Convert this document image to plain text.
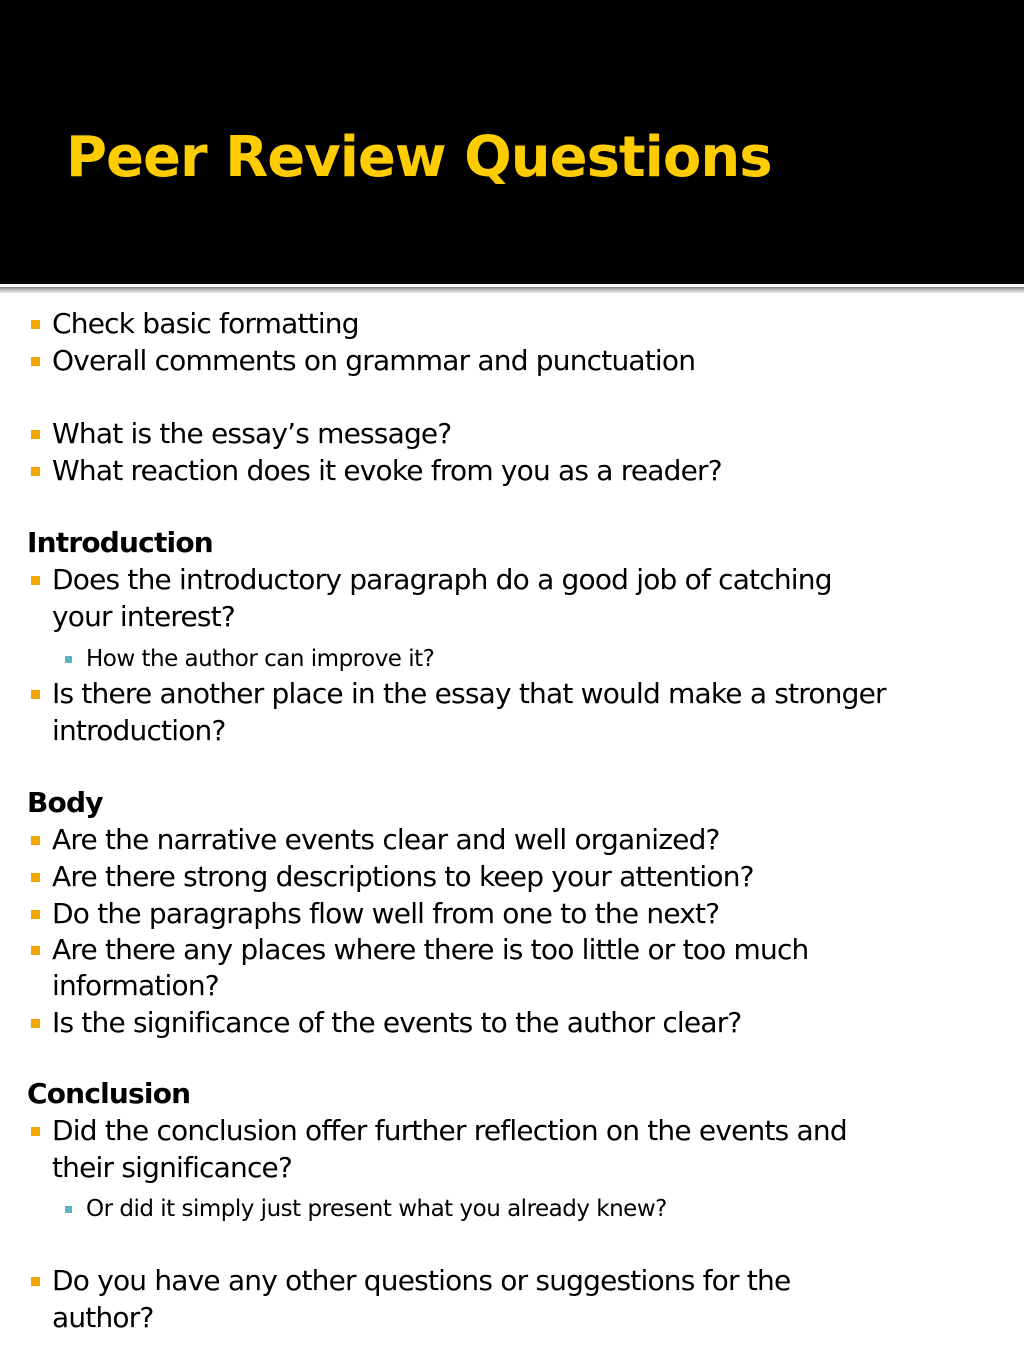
Peer Review Questions
Check basic formatting
Overall comments on grammar and punctuation
What is the essay’s message?
What reaction does it evoke from you as a reader?
Introduction
Does the introductory paragraph do a good job of catching
your interest?
How the author can improve it?
Is there another place in the essay that would make a stronger
introduction?
Body
Are the narrative events clear and well organized?
Are there strong descriptions to keep your attention?
Do the paragraphs flow well from one to the next?
Are there any places where there is too little or too much
information?
Is the significance of the events to the author clear?
Conclusion
Did the conclusion offer further reflection on the events and
their significance?
Or did it simply just present what you already knew?
Do you have any other questions or suggestions for the
author?
